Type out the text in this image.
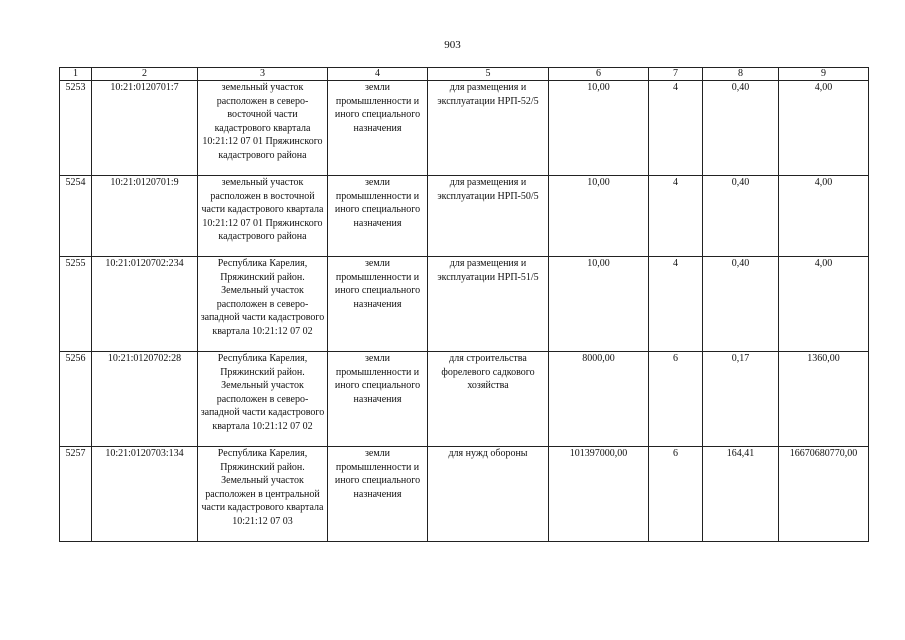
903
1	2	3	4	5	6	7	8	9
5253	10:21:0120701:7	земельный участок расположен в северо-восточной части кадастрового квартала 10:21:12 07 01 Пряжинского кадастрового района	земли промышленности и иного специального назначения	для размещения и эксплуатации НРП-52/5	10,00	4	0,40	4,00
5254	10:21:0120701:9	земельный участок расположен в восточной части кадастрового квартала 10:21:12 07 01 Пряжинского кадастрового района	земли промышленности и иного специального назначения	для размещения и эксплуатации НРП-50/5	10,00	4	0,40	4,00
5255	10:21:0120702:234	Республика Карелия, Пряжинский район. Земельный участок расположен в северо-западной части кадастрового квартала 10:21:12 07 02	земли промышленности и иного специального назначения	для размещения и эксплуатации НРП-51/5	10,00	4	0,40	4,00
5256	10:21:0120702:28	Республика Карелия, Пряжинский район. Земельный участок расположен в северо-западной части кадастрового квартала 10:21:12 07 02	земли промышленности и иного специального назначения	для строительства форелевого садкового хозяйства	8000,00	6	0,17	1360,00
5257	10:21:0120703:134	Республика Карелия, Пряжинский район. Земельный участок расположен в центральной части кадастрового квартала 10:21:12 07 03	земли промышленности и иного специального назначения	для нужд обороны	101397000,00	6	164,41	16670680770,00
